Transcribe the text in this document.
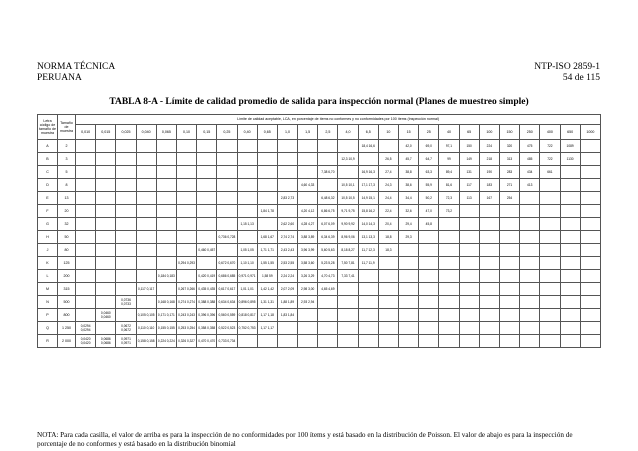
NORMA TÉCNICA
PERUANA
NTP-ISO 2859-1
54 de 115
TABLA 8-A - Límite de calidad promedio de salida para inspección normal (Planes de muestreo simple)
Letra código de tamaño de muestra	Tamaño de muestra	Límite de calidad aceptable, LCA, en porcentaje de ítems no conformes y no conformidades por 100 ítems (Inspección normal)																									
		0,010	0,015	0,025	0,040	0,065	0,10	0,15	0,25	0,40	0,65	1,0	1,5	2,5	4,0	6,5	10	15	25	40	65	100	150	250	400	650	1000
A	2															18,4 16,6		42,0	69,0	97,1	150	224	320	475	722	1089	
B	3														12,3 10,9		26,5	45,7	64,7	99	149	218	313	485	722	1130	
C	5													7,38 6,70		16,9 16,3	27,4	38,8	63,3	89,4	131	190	283	434	661		
D	8												4,60 4,33		10,5 10,1	17,1 17,3	24,3	38,6	55,9	81,6	117	183	271	413			
E	13											2,83 2,73		6,48 6,32	10,5 10,5	14,9 15,1	24,4	34,4	50,2	72,3	113	167	254				
F	20										1,84 1,78		4,20 4,12	6,86 6,75	9,71 9,75	15,8 16,2	22,4	32,6	47,0	73,2							
G	32									1,15 1,13		2,62 2,60	4,28 4,27	6,07 6,09	9,90 9,92	14,0 14,3	20,4	29,4	45,8								
H	50								0,736 0,728		1,68 1,67	2,74 2,74	3,88 3,89	6,34 6,39	8,96 9,06	13,1 13,3	18,8	29,3									
J	80							0,460 0,457		1,05 1,05	1,71 1,71	2,43 2,43	3,96 3,99	5,60 5,63	8,18 8,27	11,7 12,3	18,3										
K	125						0,294 0,293		0,672 0,670	1,10 1,10	1,55 1,55	2,53 2,55	3,58 3,60	5,23 5,28	7,50 7,81	11,7 11,9											
L	200					0,184 0,183		0,420 0,419	0,686 0,685	0,971 0,971	1,58 59	2,24 2,24	3,26 3,29	4,70 4,73	7,33 7,41												
M	315				0,117 0,117		0,267 0,266	0,435 0,435	0,617 0,617	1,01 1,01	1,42 1,42	2,07 2,09	2,98 3,00	4,65 4,69													
N	500			0,0736 0,0733		0,168 0,168	0,274 0,274	0,388 0,388	0,634 0,634	0,896 0,895	1,31 1,31	1,88 1,89	2,93 2,94														
P	800		0,0460 0,0460		0,105 0,105	0,171 0,171	0,243 0,243	0,396 0,396	0,560 0,559	0,818 0,817	1,17 1,18	1,83 1,84															
Q	1 250	0,0294 0,0294		0,0672 0,0672	0,110 0,110	0,155 0,155	0,253 0,254	0,358 0,358	0,522 0,523	0,752 0,753	1,17 1,17																
R	2 000	0,0420 0,0420	0,0686 0,0686	0,0971 0,0971	0,158 0,158	0,224 0,224	0,326 0,327	0,470 0,470	0,733 0,734																		
NOTA: Para cada casilla, el valor de arriba es para la inspección de no conformidades por 100 ítems y está basado en la distribución de Poisson. El valor de abajo es para la inspección de porcentaje de no conformes y está basado en la distribución binomial
